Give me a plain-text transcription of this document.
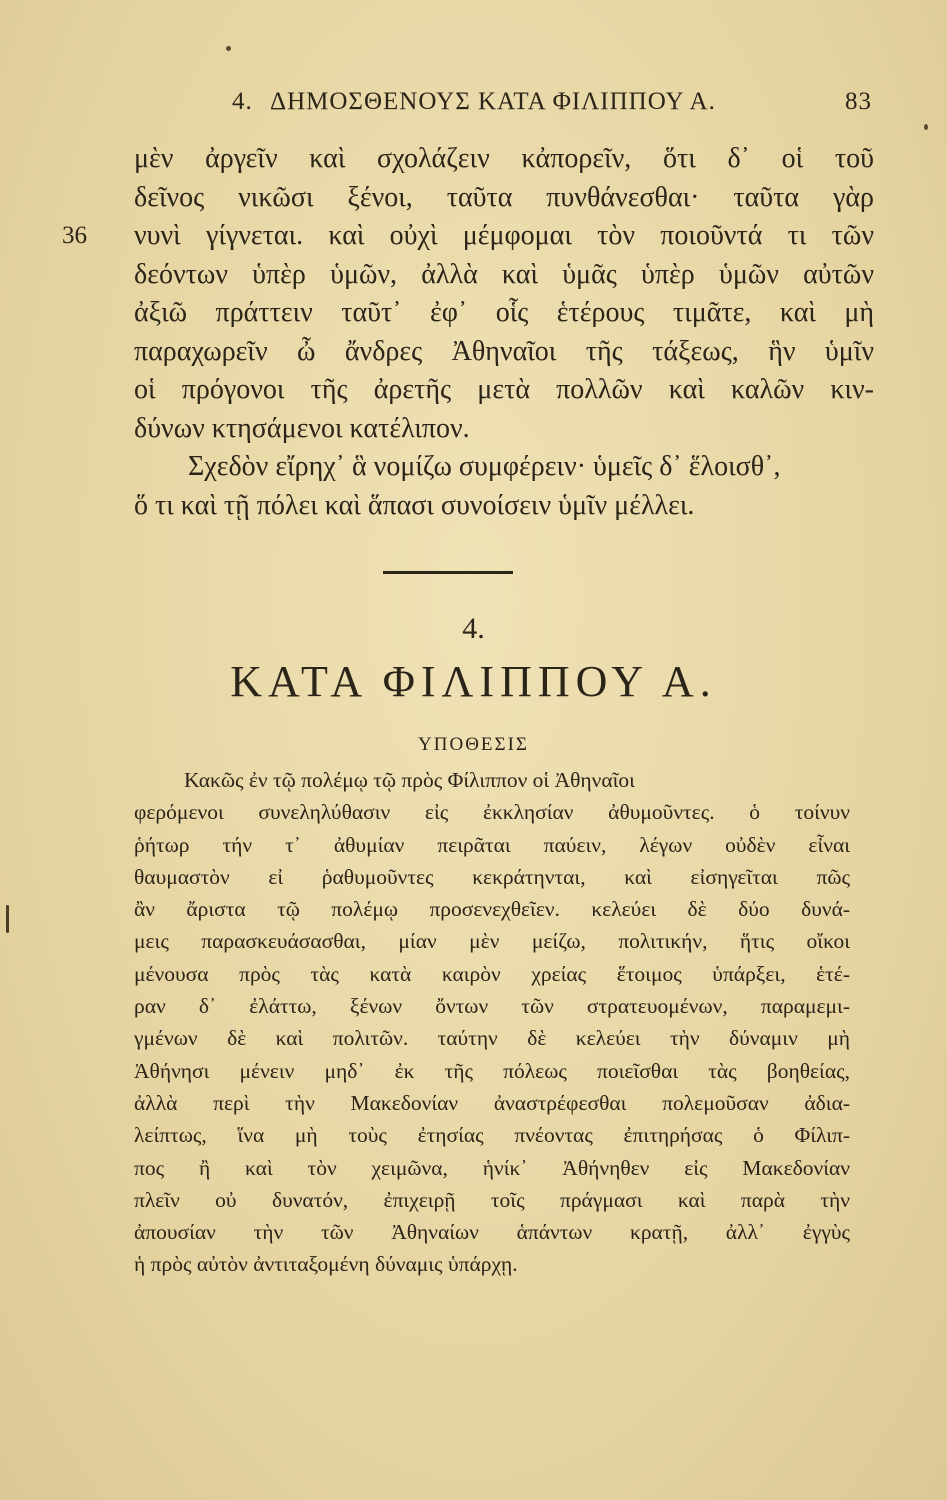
4. ΔΗΜΟΣΘΕΝΟΥΣ ΚΑΤΑ ΦΙΛΙΠΠΟΥ Α.	83
μὲν ἀργεῖν καὶ σχολάζειν κἀπορεῖν, ὅτι δ᾽ οἱ τοῦ
δεῖνος νικῶσι ξένοι, ταῦτα πυνθάνεσθαι· ταῦτα γὰρ
36 νυνὶ γίγνεται. καὶ οὐχὶ μέμφομαι τὸν ποιοῦντά τι τῶν
δεόντων ὑπὲρ ὑμῶν, ἀλλὰ καὶ ὑμᾶς ὑπὲρ ὑμῶν αὐτῶν
ἀξιῶ πράττειν ταῦτ᾽ ἐφ᾽ οἷς ἑτέρους τιμᾶτε, καὶ μὴ
παραχωρεῖν ὦ ἄνδρες Ἀθηναῖοι τῆς τάξεως, ἣν ὑμῖν
οἱ πρόγονοι τῆς ἀρετῆς μετὰ πολλῶν καὶ καλῶν κιν-
δύνων κτησάμενοι κατέλιπον.
Σχεδὸν εἴρηχ᾽ ἃ νομίζω συμφέρειν· ὑμεῖς δ᾽ ἕλοισθ᾽,
ὅ τι καὶ τῇ πόλει καὶ ἅπασι συνοίσειν ὑμῖν μέλλει.
4.
ΚΑΤΑ ΦΙΛΙΠΠΟΥ Α.
ΥΠΟΘΕΣΙΣ
Κακῶς ἐν τῷ πολέμῳ τῷ πρὸς Φίλιππον οἱ Ἀθηναῖοι
φερόμενοι συνεληλύθασιν εἰς ἐκκλησίαν ἀθυμοῦντες. ὁ τοίνυν
ῥήτωρ τήν τ᾽ ἀθυμίαν πειρᾶται παύειν, λέγων οὐδὲν εἶναι
θαυμαστὸν εἰ ῥαθυμοῦντες κεκράτηνται, καὶ εἰσηγεῖται πῶς
ἂν ἄριστα τῷ πολέμῳ προσενεχθεῖεν. κελεύει δὲ δύο δυνά-
μεις παρασκευάσασθαι, μίαν μὲν μείζω, πολιτικήν, ἥτις οἴκοι
μένουσα πρὸς τὰς κατὰ καιρὸν χρείας ἕτοιμος ὑπάρξει, ἑτέ-
ραν δ᾽ ἐλάττω, ξένων ὄντων τῶν στρατευομένων, παραμεμι-
γμένων δὲ καὶ πολιτῶν. ταύτην δὲ κελεύει τὴν δύναμιν μὴ
Ἀθήνησι μένειν μηδ᾽ ἐκ τῆς πόλεως ποιεῖσθαι τὰς βοηθείας,
ἀλλὰ περὶ τὴν Μακεδονίαν ἀναστρέφεσθαι πολεμοῦσαν ἀδια-
λείπτως, ἵνα μὴ τοὺς ἐτησίας πνέοντας ἐπιτηρήσας ὁ Φίλιπ-
πος ἢ καὶ τὸν χειμῶνα, ἡνίκ᾽ Ἀθήνηθεν εἰς Μακεδονίαν
πλεῖν οὐ δυνατόν, ἐπιχειρῇ τοῖς πράγμασι καὶ παρὰ τὴν
ἀπουσίαν τὴν τῶν Ἀθηναίων ἁπάντων κρατῇ, ἀλλ᾽ ἐγγὺς
ἡ πρὸς αὐτὸν ἀντιταξομένη δύναμις ὑπάρχῃ.
